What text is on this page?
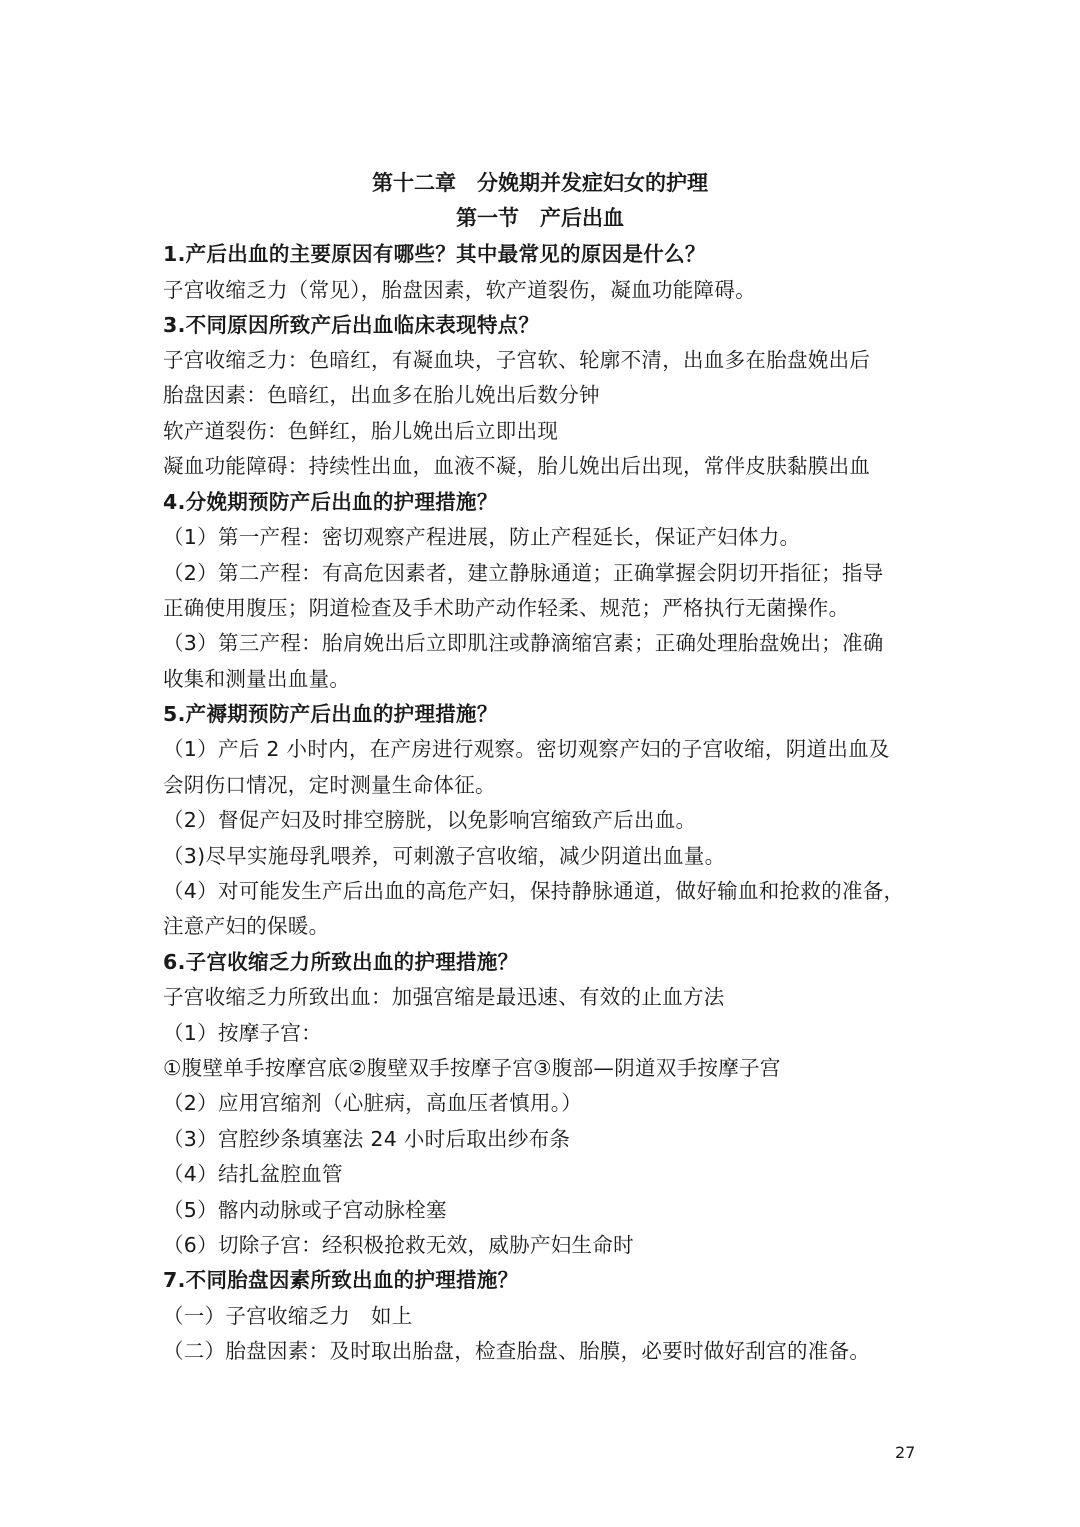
第十二章　分娩期并发症妇女的护理
第一节　产后出血
1.产后出血的主要原因有哪些？其中最常见的原因是什么？
子宫收缩乏力（常见），胎盘因素，软产道裂伤，凝血功能障碍。
3.不同原因所致产后出血临床表现特点？
子宫收缩乏力：色暗红，有凝血块，子宫软、轮廓不清，出血多在胎盘娩出后
胎盘因素：色暗红，出血多在胎儿娩出后数分钟
软产道裂伤：色鲜红，胎儿娩出后立即出现
凝血功能障碍：持续性出血，血液不凝，胎儿娩出后出现，常伴皮肤黏膜出血
4.分娩期预防产后出血的护理措施？
（1）第一产程：密切观察产程进展，防止产程延长，保证产妇体力。
（2）第二产程：有高危因素者，建立静脉通道；正确掌握会阴切开指征；指导
正确使用腹压；阴道检查及手术助产动作轻柔、规范；严格执行无菌操作。
（3）第三产程：胎肩娩出后立即肌注或静滴缩宫素；正确处理胎盘娩出；准确
收集和测量出血量。
5.产褥期预防产后出血的护理措施？
（1）产后 2 小时内，在产房进行观察。密切观察产妇的子宫收缩，阴道出血及
会阴伤口情况，定时测量生命体征。
（2）督促产妇及时排空膀胱，以免影响宫缩致产后出血。
（3)尽早实施母乳喂养，可刺激子宫收缩，减少阴道出血量。
（4）对可能发生产后出血的高危产妇，保持静脉通道，做好输血和抢救的准备，
注意产妇的保暖。
6.子宫收缩乏力所致出血的护理措施？
子宫收缩乏力所致出血：加强宫缩是最迅速、有效的止血方法
（1）按摩子宫：
①腹壁单手按摩宫底②腹壁双手按摩子宫③腹部—阴道双手按摩子宫
（2）应用宫缩剂（心脏病，高血压者慎用。）
（3）宫腔纱条填塞法 24 小时后取出纱布条
（4）结扎盆腔血管
（5）髂内动脉或子宫动脉栓塞
（6）切除子宫：经积极抢救无效，威胁产妇生命时
7.不同胎盘因素所致出血的护理措施？
（一）子宫收缩乏力　如上
（二）胎盘因素：及时取出胎盘，检查胎盘、胎膜，必要时做好刮宫的准备。
27
